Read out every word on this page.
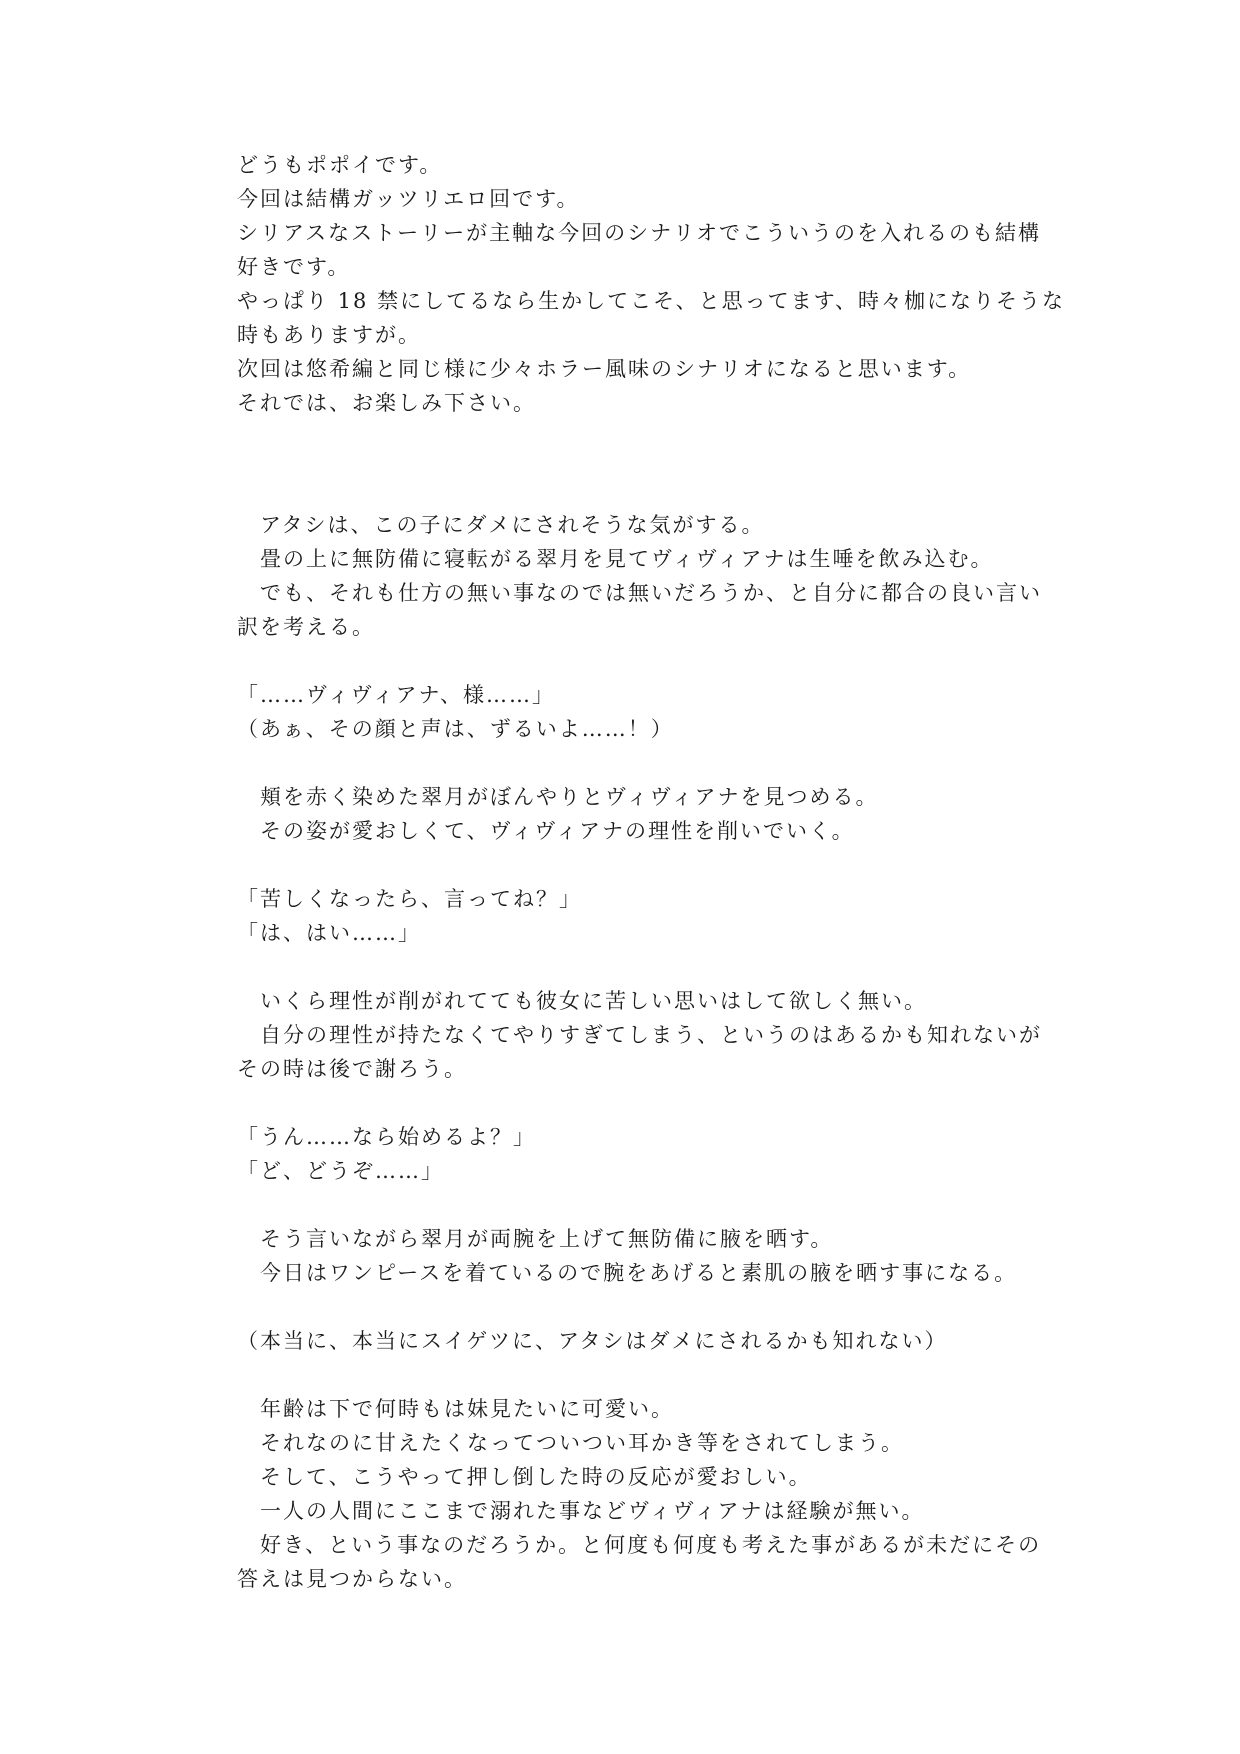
どうもポポイです。
今回は結構ガッツリエロ回です。
シリアスなストーリーが主軸な今回のシナリオでこういうのを入れるのも結構
好きです。
やっぱり 18 禁にしてるなら生かしてこそ、と思ってます、時々枷になりそうな
時もありますが。
次回は悠希編と同じ様に少々ホラー風味のシナリオになると思います。
それでは、お楽しみ下さい。
　アタシは、この子にダメにされそうな気がする。
　畳の上に無防備に寝転がる翠月を見てヴィヴィアナは生唾を飲み込む。
　でも、それも仕方の無い事なのでは無いだろうか、と自分に都合の良い言い
訳を考える。
「……ヴィヴィアナ、様……」
（あぁ、その顔と声は、ずるいよ……！）
　頬を赤く染めた翠月がぼんやりとヴィヴィアナを見つめる。
　その姿が愛おしくて、ヴィヴィアナの理性を削いでいく。
「苦しくなったら、言ってね？」
「は、はい……」
　いくら理性が削がれてても彼女に苦しい思いはして欲しく無い。
　自分の理性が持たなくてやりすぎてしまう、というのはあるかも知れないが
その時は後で謝ろう。
「うん……なら始めるよ？」
「ど、どうぞ……」
　そう言いながら翠月が両腕を上げて無防備に腋を晒す。
　今日はワンピースを着ているので腕をあげると素肌の腋を晒す事になる。
（本当に、本当にスイゲツに、アタシはダメにされるかも知れない）
　年齢は下で何時もは妹見たいに可愛い。
　それなのに甘えたくなってついつい耳かき等をされてしまう。
　そして、こうやって押し倒した時の反応が愛おしい。
　一人の人間にここまで溺れた事などヴィヴィアナは経験が無い。
　好き、という事なのだろうか。と何度も何度も考えた事があるが未だにその
答えは見つからない。
